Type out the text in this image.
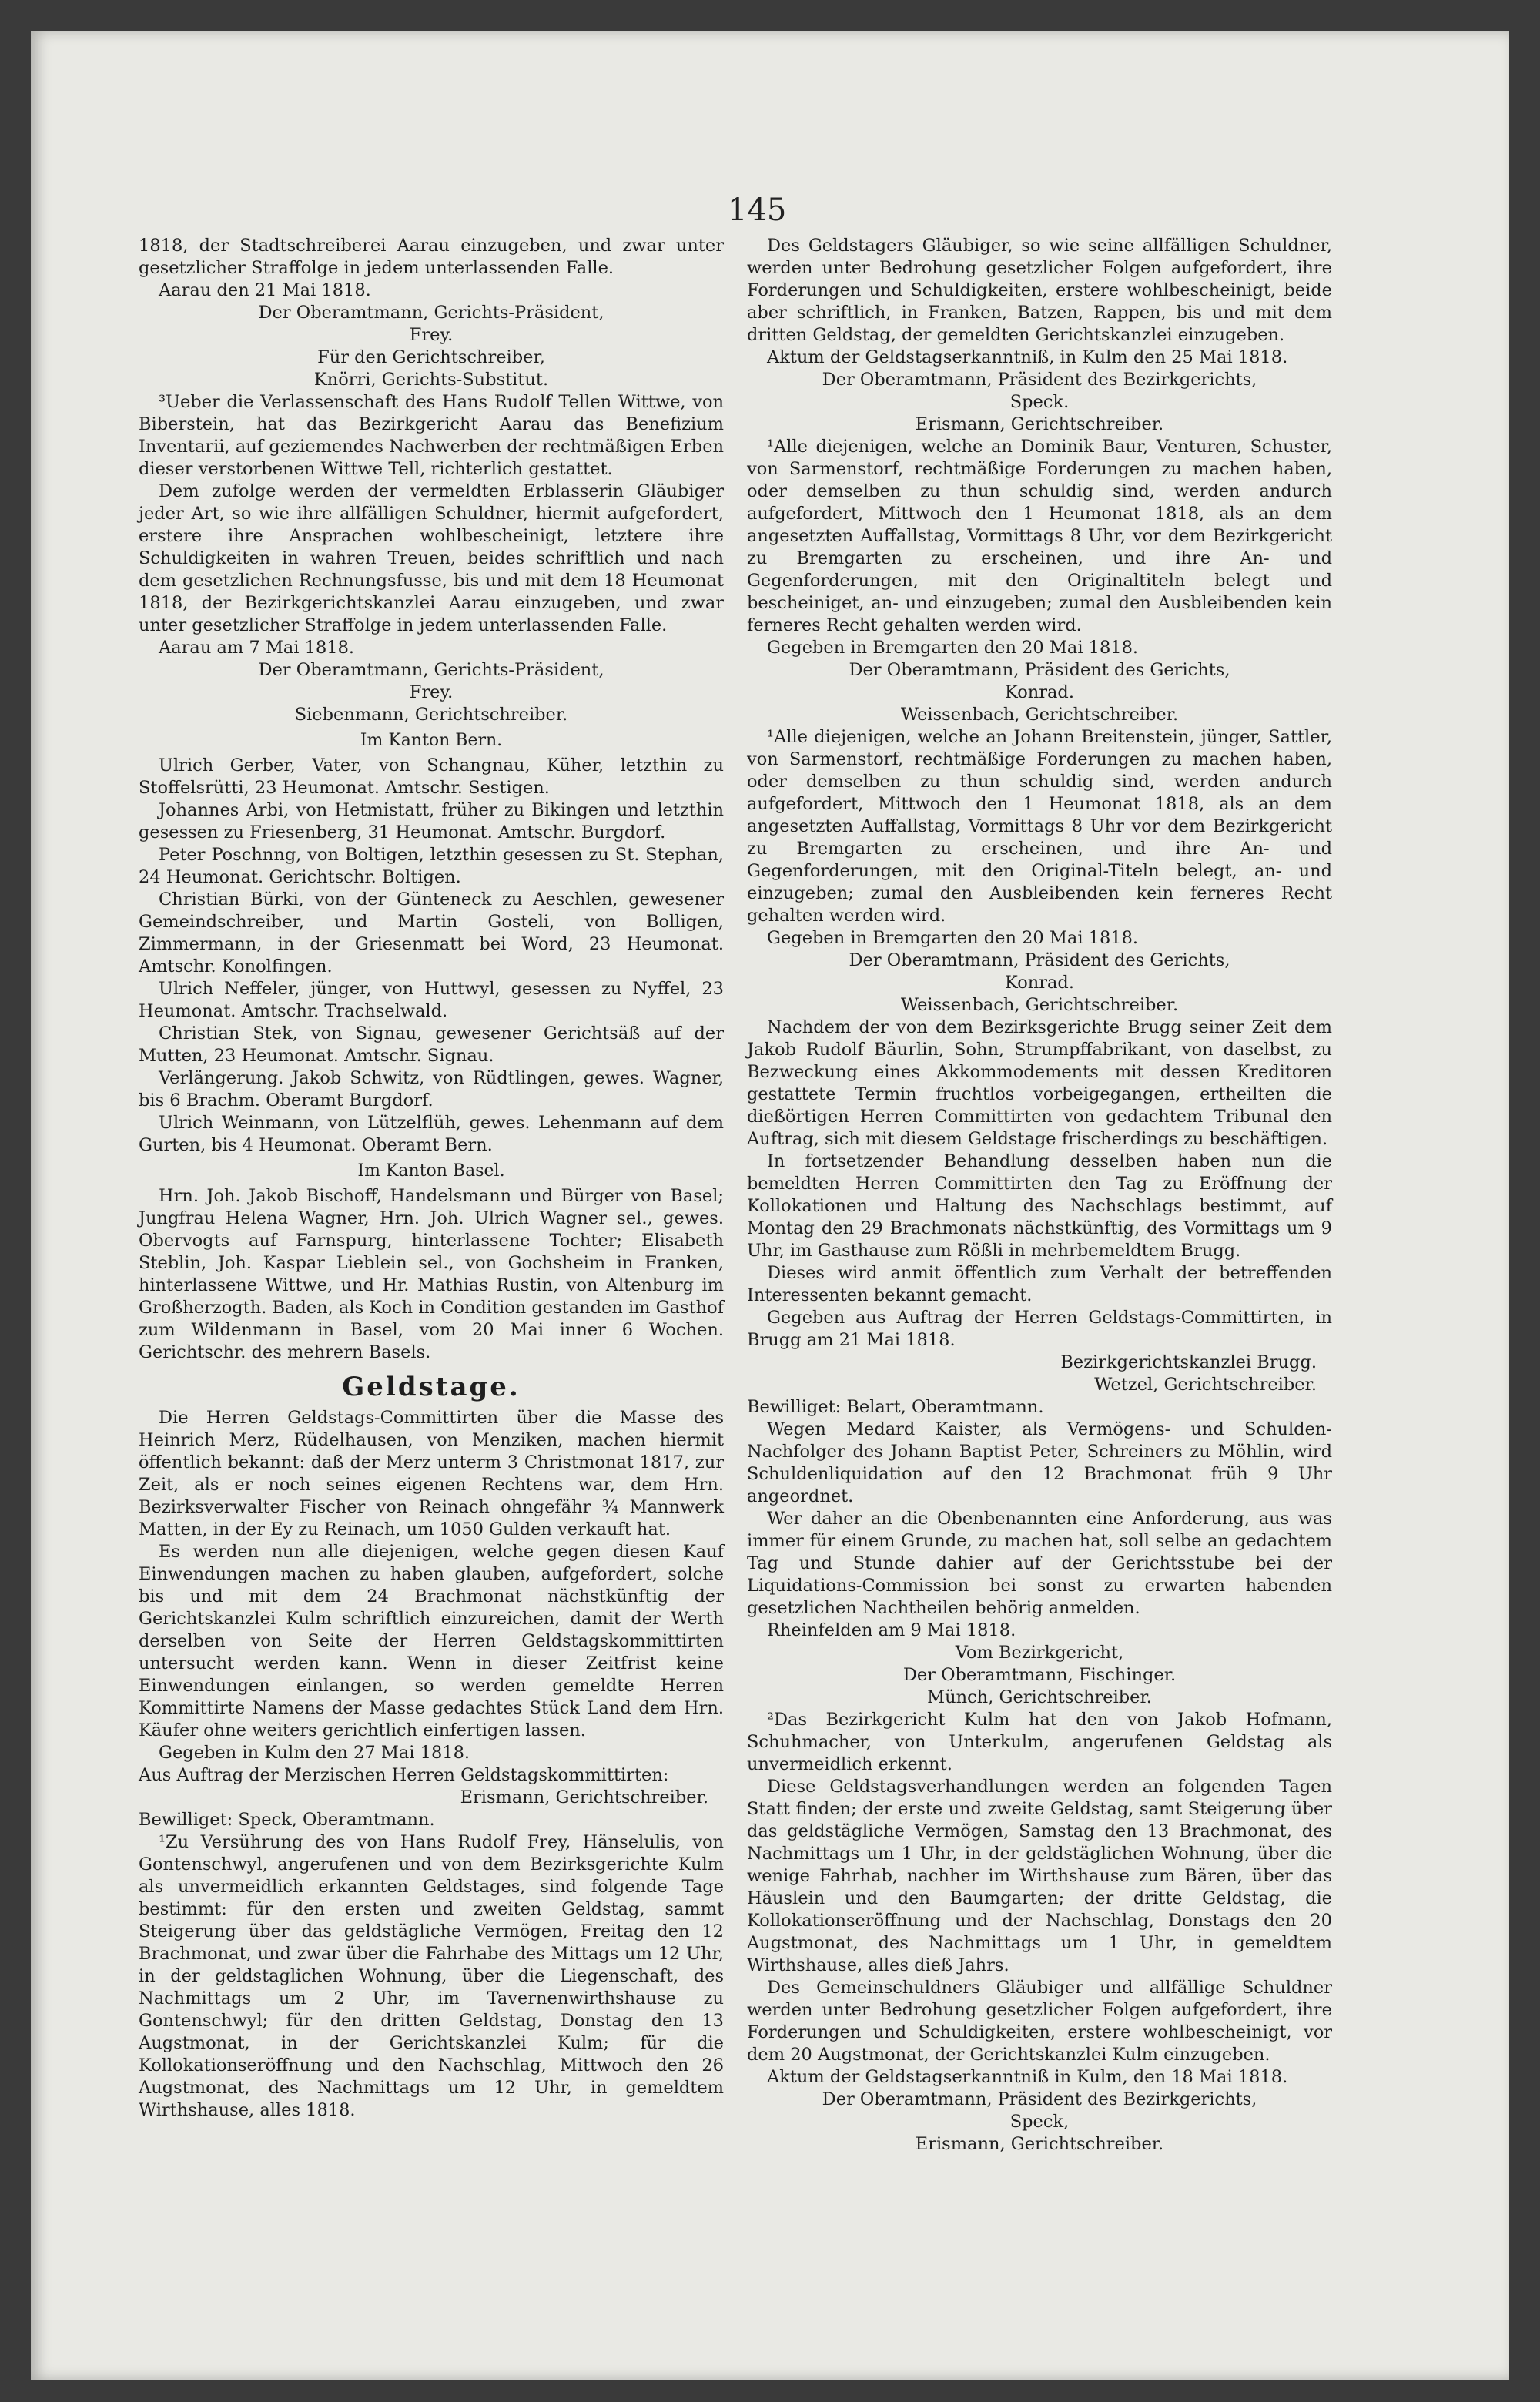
145

1818, der Stadtschreiberei Aarau einzugeben, und zwar unter gesetzlicher Straffolge in jedem unterlassenden Falle.

Aarau den 21 Mai 1818.

Der Oberamtmann, Gerichts-Präsident,

Frey.

Für den Gerichtschreiber,

Knörri, Gerichts-Substitut.

³Ueber die Verlassenschaft des Hans Rudolf Tellen Wittwe, von Biberstein, hat das Bezirkgericht Aarau das Benefizium Inventarii, auf geziemendes Nachwerben der rechtmäßigen Erben dieser verstorbenen Wittwe Tell, richterlich gestattet.

Dem zufolge werden der vermeldten Erblasserin Gläubiger jeder Art, so wie ihre allfälligen Schuldner, hiermit aufgefordert, erstere ihre Ansprachen wohlbescheinigt, letztere ihre Schuldigkeiten in wahren Treuen, beides schriftlich und nach dem gesetzlichen Rechnungsfusse, bis und mit dem 18 Heumonat 1818, der Bezirkgerichtskanzlei Aarau einzugeben, und zwar unter gesetzlicher Straffolge in jedem unterlassenden Falle.

Aarau am 7 Mai 1818.

Der Oberamtmann, Gerichts-Präsident,

Frey.

Siebenmann, Gerichtschreiber.

Im Kanton Bern.

Ulrich Gerber, Vater, von Schangnau, Küher, letzthin zu Stoffelsrütti, 23 Heumonat. Amtschr. Sestigen.

Johannes Arbi, von Hetmistatt, früher zu Bikingen und letzthin gesessen zu Friesenberg, 31 Heumonat. Amtschr. Burgdorf.

Peter Poschnng, von Boltigen, letzthin gesessen zu St. Stephan, 24 Heumonat. Gerichtschr. Boltigen.

Christian Bürki, von der Günteneck zu Aeschlen, gewesener Gemeindschreiber, und Martin Gosteli, von Bolligen, Zimmermann, in der Griesenmatt bei Word, 23 Heumonat. Amtschr. Konolfingen.

Ulrich Neffeler, jünger, von Huttwyl, gesessen zu Nyffel, 23 Heumonat. Amtschr. Trachselwald.

Christian Stek, von Signau, gewesener Gerichtsäß auf der Mutten, 23 Heumonat. Amtschr. Signau.

Verlängerung. Jakob Schwitz, von Rüdtlingen, gewes. Wagner, bis 6 Brachm. Oberamt Burgdorf.

Ulrich Weinmann, von Lützelflüh, gewes. Lehenmann auf dem Gurten, bis 4 Heumonat. Oberamt Bern.

Im Kanton Basel.

Hrn. Joh. Jakob Bischoff, Handelsmann und Bürger von Basel; Jungfrau Helena Wagner, Hrn. Joh. Ulrich Wagner sel., gewes. Obervogts auf Farnspurg, hinterlassene Tochter; Elisabeth Steblin, Joh. Kaspar Lieblein sel., von Gochsheim in Franken, hinterlassene Wittwe, und Hr. Mathias Rustin, von Altenburg im Großherzogth. Baden, als Koch in Condition gestanden im Gasthof zum Wildenmann in Basel, vom 20 Mai inner 6 Wochen. Gerichtschr. des mehrern Basels.

Geldstage.

Die Herren Geldstags-Committirten über die Masse des Heinrich Merz, Rüdelhausen, von Menziken, machen hiermit öffentlich bekannt: daß der Merz unterm 3 Christmonat 1817, zur Zeit, als er noch seines eigenen Rechtens war, dem Hrn. Bezirksverwalter Fischer von Reinach ohngefähr ¾ Mannwerk Matten, in der Ey zu Reinach, um 1050 Gulden verkauft hat.

Es werden nun alle diejenigen, welche gegen diesen Kauf Einwendungen machen zu haben glauben, aufgefordert, solche bis und mit dem 24 Brachmonat nächstkünftig der Gerichtskanzlei Kulm schriftlich einzureichen, damit der Werth derselben von Seite der Herren Geldstagskommittirten untersucht werden kann. Wenn in dieser Zeitfrist keine Einwendungen einlangen, so werden gemeldte Herren Kommittirte Namens der Masse gedachtes Stück Land dem Hrn. Käufer ohne weiters gerichtlich einfertigen lassen.

Gegeben in Kulm den 27 Mai 1818.

Aus Auftrag der Merzischen Herren Geldstagskommittirten:

Erismann, Gerichtschreiber.

Bewilliget: Speck, Oberamtmann.

¹Zu Versührung des von Hans Rudolf Frey, Hänselulis, von Gontenschwyl, angerufenen und von dem Bezirksgerichte Kulm als unvermeidlich erkannten Geldstages, sind folgende Tage bestimmt: für den ersten und zweiten Geldstag, sammt Steigerung über das geldstägliche Vermögen, Freitag den 12 Brachmonat, und zwar über die Fahrhabe des Mittags um 12 Uhr, in der geldstaglichen Wohnung, über die Liegenschaft, des Nachmittags um 2 Uhr, im Tavernenwirthshause zu Gontenschwyl; für den dritten Geldstag, Donstag den 13 Augstmonat, in der Gerichtskanzlei Kulm; für die Kollokationseröffnung und den Nachschlag, Mittwoch den 26 Augstmonat, des Nachmittags um 12 Uhr, in gemeldtem Wirthshause, alles 1818.

Des Geldstagers Gläubiger, so wie seine allfälligen Schuldner, werden unter Bedrohung gesetzlicher Folgen aufgefordert, ihre Forderungen und Schuldigkeiten, erstere wohlbescheinigt, beide aber schriftlich, in Franken, Batzen, Rappen, bis und mit dem dritten Geldstag, der gemeldten Gerichtskanzlei einzugeben.

Aktum der Geldstagserkanntniß, in Kulm den 25 Mai 1818.

Der Oberamtmann, Präsident des Bezirkgerichts,

Speck.

Erismann, Gerichtschreiber.

¹Alle diejenigen, welche an Dominik Baur, Venturen, Schuster, von Sarmenstorf, rechtmäßige Forderungen zu machen haben, oder demselben zu thun schuldig sind, werden andurch aufgefordert, Mittwoch den 1 Heumonat 1818, als an dem angesetzten Auffallstag, Vormittags 8 Uhr, vor dem Bezirkgericht zu Bremgarten zu erscheinen, und ihre An- und Gegenforderungen, mit den Originaltiteln belegt und bescheiniget, an- und einzugeben; zumal den Ausbleibenden kein ferneres Recht gehalten werden wird.

Gegeben in Bremgarten den 20 Mai 1818.

Der Oberamtmann, Präsident des Gerichts,

Konrad.

Weissenbach, Gerichtschreiber.

¹Alle diejenigen, welche an Johann Breitenstein, jünger, Sattler, von Sarmenstorf, rechtmäßige Forderungen zu machen haben, oder demselben zu thun schuldig sind, werden andurch aufgefordert, Mittwoch den 1 Heumonat 1818, als an dem angesetzten Auffallstag, Vormittags 8 Uhr vor dem Bezirkgericht zu Bremgarten zu erscheinen, und ihre An- und Gegenforderungen, mit den Original-Titeln belegt, an- und einzugeben; zumal den Ausbleibenden kein ferneres Recht gehalten werden wird.

Gegeben in Bremgarten den 20 Mai 1818.

Der Oberamtmann, Präsident des Gerichts,

Konrad.

Weissenbach, Gerichtschreiber.

Nachdem der von dem Bezirksgerichte Brugg seiner Zeit dem Jakob Rudolf Bäurlin, Sohn, Strumpffabrikant, von daselbst, zu Bezweckung eines Akkommodements mit dessen Kreditoren gestattete Termin fruchtlos vorbeigegangen, ertheilten die dießörtigen Herren Committirten von gedachtem Tribunal den Auftrag, sich mit diesem Geldstage frischerdings zu beschäftigen.

In fortsetzender Behandlung desselben haben nun die bemeldten Herren Committirten den Tag zu Eröffnung der Kollokationen und Haltung des Nachschlags bestimmt, auf Montag den 29 Brachmonats nächstkünftig, des Vormittags um 9 Uhr, im Gasthause zum Rößli in mehrbemeldtem Brugg.

Dieses wird anmit öffentlich zum Verhalt der betreffenden Interessenten bekannt gemacht.

Gegeben aus Auftrag der Herren Geldstags-Committirten, in Brugg am 21 Mai 1818.

Bezirkgerichtskanzlei Brugg.

Wetzel, Gerichtschreiber.

Bewilliget: Belart, Oberamtmann.

Wegen Medard Kaister, als Vermögens- und Schulden-Nachfolger des Johann Baptist Peter, Schreiners zu Möhlin, wird Schuldenliquidation auf den 12 Brachmonat früh 9 Uhr angeordnet.

Wer daher an die Obenbenannten eine Anforderung, aus was immer für einem Grunde, zu machen hat, soll selbe an gedachtem Tag und Stunde dahier auf der Gerichtsstube bei der Liquidations-Commission bei sonst zu erwarten habenden gesetzlichen Nachtheilen behörig anmelden.

Rheinfelden am 9 Mai 1818.

Vom Bezirkgericht,

Der Oberamtmann, Fischinger.

Münch, Gerichtschreiber.

²Das Bezirkgericht Kulm hat den von Jakob Hofmann, Schuhmacher, von Unterkulm, angerufenen Geldstag als unvermeidlich erkennt.

Diese Geldstagsverhandlungen werden an folgenden Tagen Statt finden; der erste und zweite Geldstag, samt Steigerung über das geldstägliche Vermögen, Samstag den 13 Brachmonat, des Nachmittags um 1 Uhr, in der geldstäglichen Wohnung, über die wenige Fahrhab, nachher im Wirthshause zum Bären, über das Häuslein und den Baumgarten; der dritte Geldstag, die Kollokationseröffnung und der Nachschlag, Donstags den 20 Augstmonat, des Nachmittags um 1 Uhr, in gemeldtem Wirthshause, alles dieß Jahrs.

Des Gemeinschuldners Gläubiger und allfällige Schuldner werden unter Bedrohung gesetzlicher Folgen aufgefordert, ihre Forderungen und Schuldigkeiten, erstere wohlbescheinigt, vor dem 20 Augstmonat, der Gerichtskanzlei Kulm einzugeben.

Aktum der Geldstagserkanntniß in Kulm, den 18 Mai 1818.

Der Oberamtmann, Präsident des Bezirkgerichts,

Speck,

Erismann, Gerichtschreiber.
